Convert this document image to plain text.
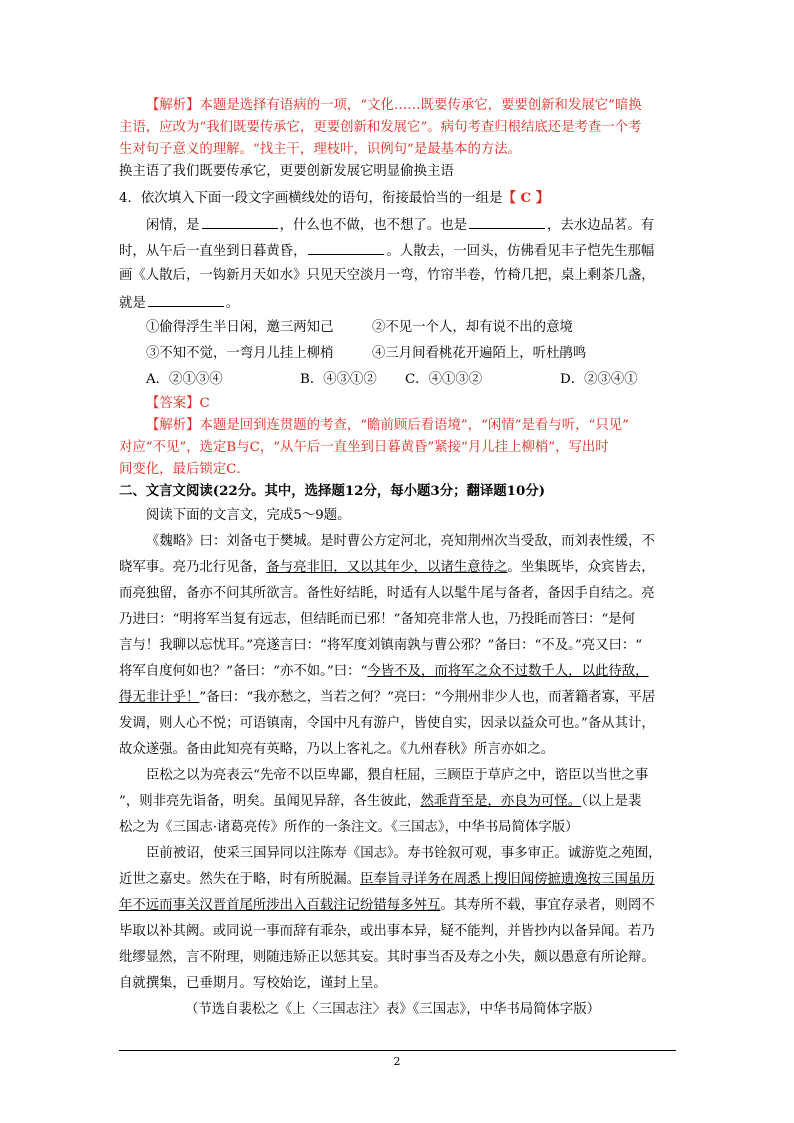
【解析】本题是选择有语病的一项，“文化……既要传承它，要要创新和发展它”暗换
主语，应改为“我们既要传承它，更要创新和发展它”。病句考查归根结底还是考查一个考
生对句子意义的理解。“找主干，理枝叶，识例句”是最基本的方法。
换主语了我们既要传承它，更要创新发展它明显偷换主语
4．依次填入下面一段文字画横线处的语句，衔接最恰当的一组是【 C 】
闲情，是	，什么也不做，也不想了。也是	，去水边品茗。有
时，从午后一直坐到日暮黄昏，	。人散去，一回头，仿佛看见丰子恺先生那幅
画《人散后，一钩新月天如水》只见天空淡月一弯，竹帘半卷，竹椅几把，桌上剩茶几盏，
就是	。
①偷得浮生半日闲，邀三两知己	②不见一个人，却有说不出的意境
③不知不觉，一弯月儿挂上柳梢	④三月间看桃花开遍陌上，听杜鹃鸣
A．②①③④	B．④③①② C．④①③②	D．②③④①
【答案】C
【解析】本题是回到连贯题的考查，“瞻前顾后看语境”，“闲情”是看与听，“只见”
对应“不见”，选定B与C，“从午后一直坐到日暮黄昏”紧接“月儿挂上柳梢”，写出时
间变化，最后锁定C．
二、文言文阅读(22分。其中，选择题12分，每小题3分；翻译题10分)
阅读下面的文言文，完成5～9题。
《魏略》曰：刘备屯于樊城。是时曹公方定河北，亮知荆州次当受敌，而刘表性缓，不
晓军事。亮乃北行见备，备与亮非旧，又以其年少，以诸生意待之。坐集既毕，众宾皆去，
而亮独留，备亦不问其所欲言。备性好结眊，时适有人以髦牛尾与备者，备因手自结之。亮
乃进曰：“明将军当复有远志，但结眊而已邪！”备知亮非常人也，乃投眊而答曰：“是何
言与！我聊以忘忧耳。”亮遂言曰：“将军度刘镇南孰与曹公邪？”备曰：“不及。”亮又曰：“
将军自度何如也？”备曰：“亦不如。”曰：“今皆不及，而将军之众不过数千人，以此待敌，
得无非计乎！”备曰：“我亦愁之，当若之何？”亮曰：“今荆州非少人也，而著籍者寡，平居
发调，则人心不悦；可语镇南，令国中凡有游户，皆使自实，因录以益众可也。”备从其计，
故众遂强。备由此知亮有英略，乃以上客礼之。《九州春秋》所言亦如之。
臣松之以为亮表云“先帝不以臣卑鄙，猥自枉屈，三顾臣于草庐之中，谘臣以当世之事
”，则非亮先诣备，明矣。虽闻见异辞，各生彼此，然乖背至是，亦良为可怪。（以上是裴
松之为《三国志·诸葛亮传》所作的一条注文。《三国志》，中华书局简体字版）
臣前被诏，使采三国异同以注陈寿《国志》。寿书铨叙可观，事多审正。诚游览之苑囿，
近世之嘉史。然失在于略，时有所脱漏。臣奉旨寻详务在周悉上搜旧闻傍摭遗逸按三国虽历
年不远而事关汉晋首尾所涉出入百载注记纷错每多舛互。其寿所不载，事宜存录者，则罔不
毕取以补其阙。或同说一事而辞有乖杂，或出事本异，疑不能判，并皆抄内以备异闻。若乃
纰缪显然，言不附理，则随违矫正以惩其妄。其时事当否及寿之小失，颇以愚意有所论辩。
自就撰集，已垂期月。写校始讫，谨封上呈。
（节选自裴松之《上〈三国志注〉表》《三国志》，中华书局简体字版）
2
